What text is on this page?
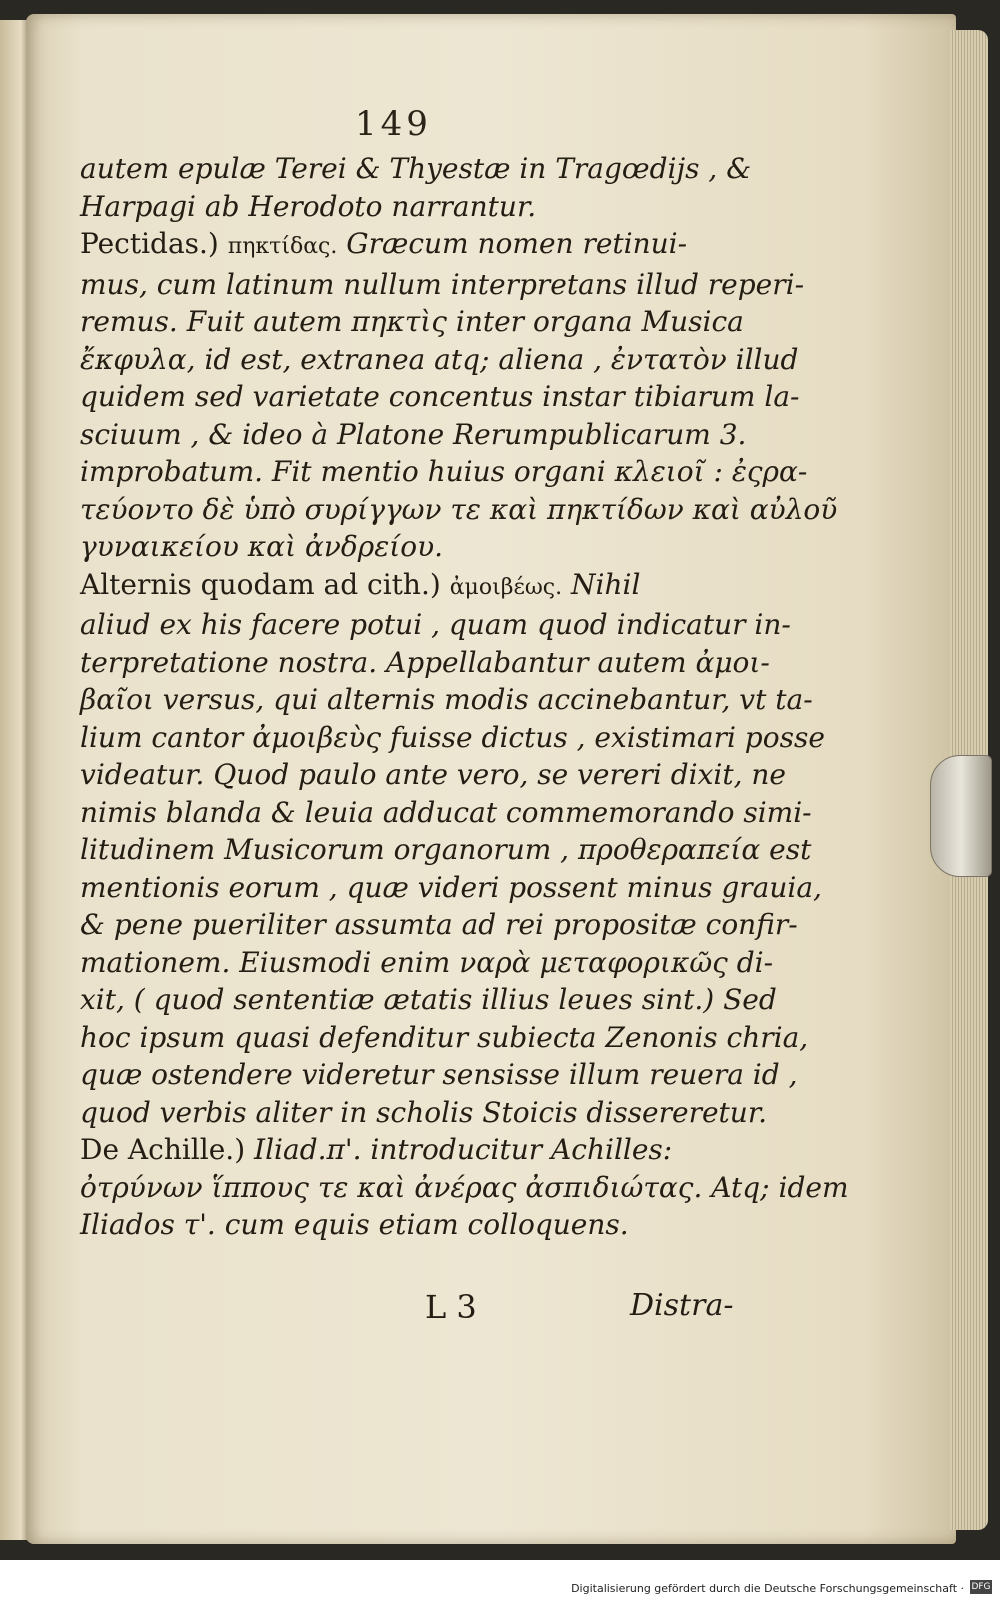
149
autem epulæ Terei & Thyestæ in Tragœdijs , &
Harpagi ab Herodoto narrantur.
Pectidas.) πηκτίδας. Græcum nomen retinui-
mus, cum latinum nullum interpretans illud reperi-
remus. Fuit autem πηκτὶς inter organa Musica
ἔκφυλα, id est, extranea atq; aliena , ἐντατὸν illud
quidem sed varietate concentus instar tibiarum la-
sciuum , & ideo à Platone Rerumpublicarum 3.
improbatum. Fit mentio huius organi κλειοῖ : ἐςρα-
τεύοντο δὲ ὑπὸ συρίγγων τε καὶ πηκτίδων καὶ αὐλοῦ
γυναικείου καὶ ἀνδρείου.
Alternis quodam ad cith.) ἀμοιβέως. Nihil
aliud ex his facere potui , quam quod indicatur in-
terpretatione nostra. Appellabantur autem ἀμοι-
βαῖοι versus, qui alternis modis accinebantur, vt ta-
lium cantor ἀμοιβεὺς fuisse dictus , existimari posse
videatur. Quod paulo ante vero, se vereri dixit, ne
nimis blanda & leuia adducat commemorando simi-
litudinem Musicorum organorum , προθεραπεία est
mentionis eorum , quæ videri possent minus grauia,
& pene pueriliter assumta ad rei propositæ confir-
mationem. Eiusmodi enim ναρὰ μεταφορικῶς di-
xit, ( quod sententiæ ætatis illius leues sint.) Sed
hoc ipsum quasi defenditur subiecta Zenonis chria,
quæ ostendere videretur sensisse illum reuera id ,
quod verbis aliter in scholis Stoicis dissereretur.
De Achille.) Iliad.π'. introducitur Achilles:
ὀτρύνων ἵππους τε καὶ ἀνέρας ἀσπιδιώτας. Atq; idem
Iliados τ'. cum equis etiam colloquens.
L 3	Distra-
Digitalisierung gefördert durch die Deutsche Forschungsgemeinschaft · DFG
